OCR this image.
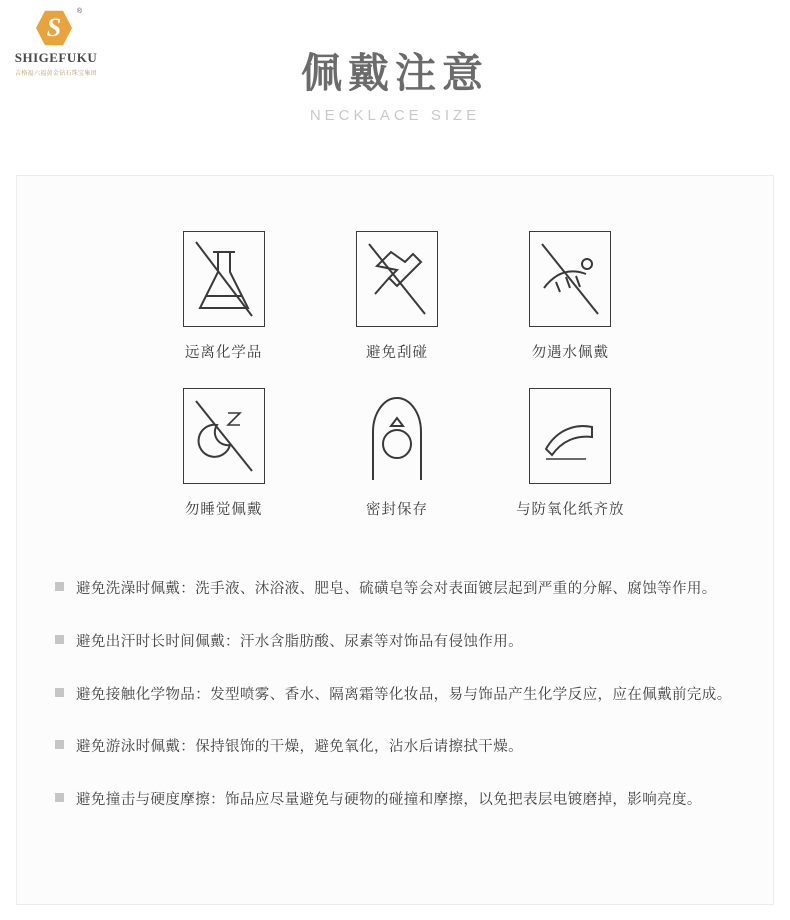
S
®
SHIGEFUKU
吉格福六福黄金钻石珠宝集团	佩戴注意
NECKLACE SIZE
远离化学品	避免刮碰	勿遇水佩戴
勿睡觉佩戴	密封保存	与防氧化纸齐放
避免洗澡时佩戴：洗手液、沐浴液、肥皂、硫磺皂等会对表面镀层起到严重的分解、腐蚀等作用。
避免出汗时长时间佩戴：汗水含脂肪酸、尿素等对饰品有侵蚀作用。
避免接触化学物品：发型喷雾、香水、隔离霜等化妆品，易与饰品产生化学反应，应在佩戴前完成。
避免游泳时佩戴：保持银饰的干燥，避免氧化，沾水后请擦拭干燥。
避免撞击与硬度摩擦：饰品应尽量避免与硬物的碰撞和摩擦，以免把表层电镀磨掉，影响亮度。
